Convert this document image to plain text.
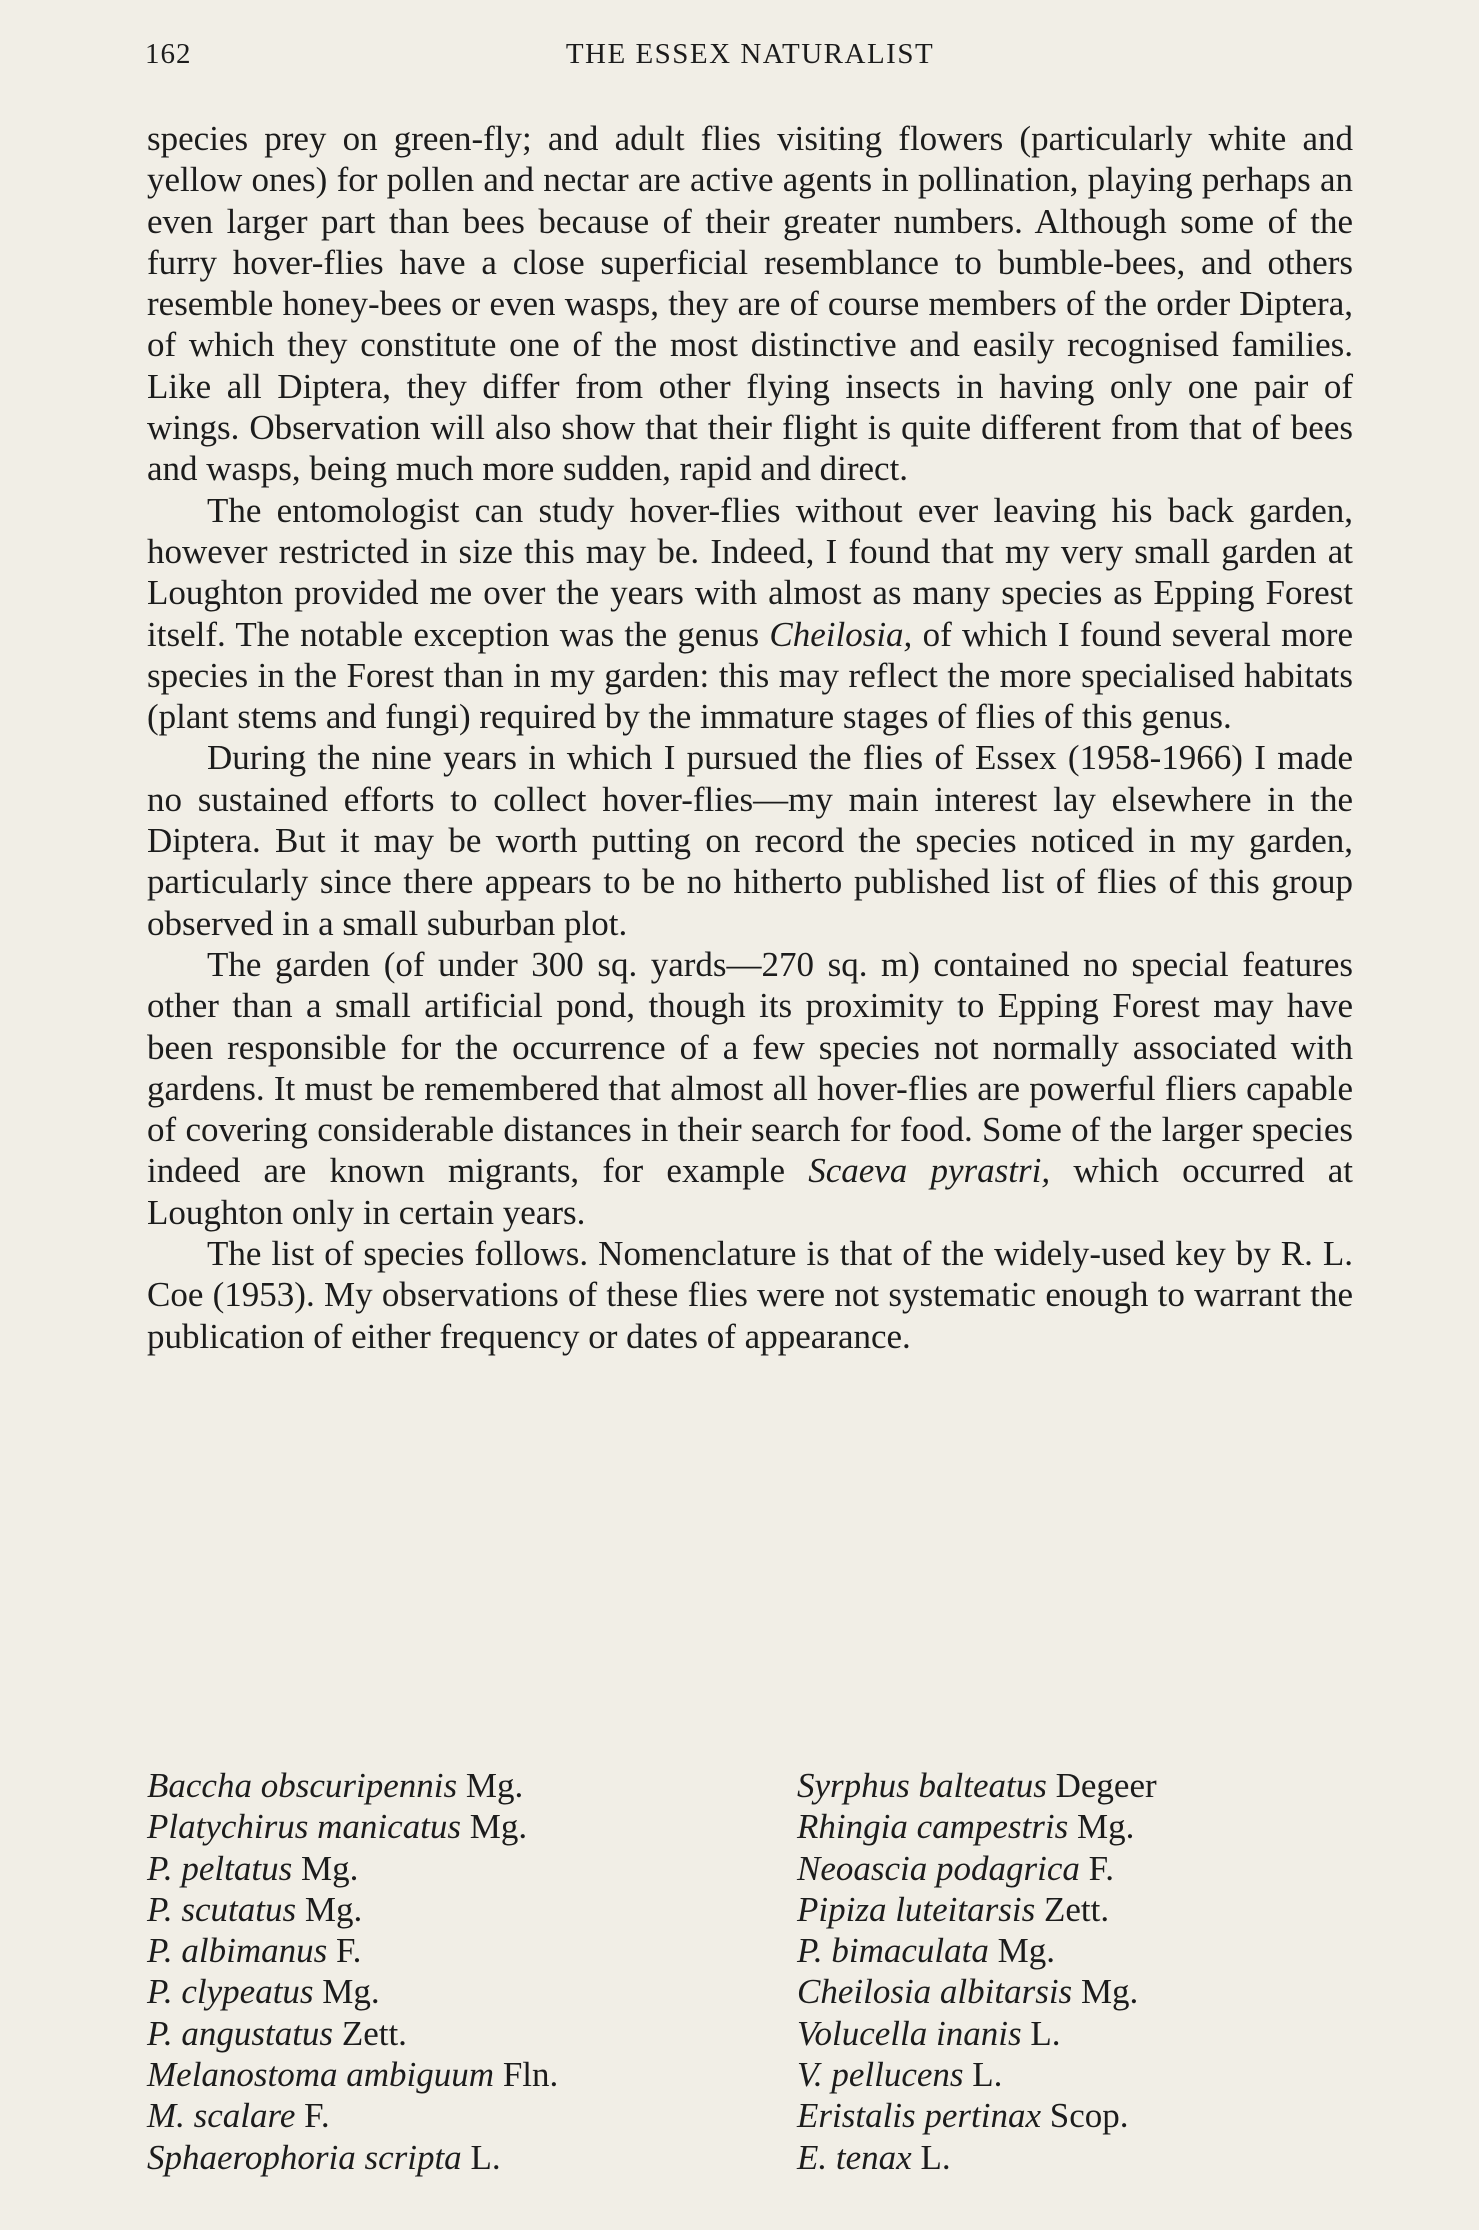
162	THE ESSEX NATURALIST

species prey on green-fly; and adult flies visiting flowers (particularly white and yellow ones) for pollen and nectar are active agents in pollination, playing perhaps an even larger part than bees because of their greater numbers. Although some of the furry hover-flies have a close superficial resemblance to bumble-bees, and others resemble honey-bees or even wasps, they are of course members of the order Diptera, of which they constitute one of the most distinctive and easily recognised families. Like all Diptera, they differ from other flying insects in having only one pair of wings. Observation will also show that their flight is quite different from that of bees and wasps, being much more sudden, rapid and direct.

The entomologist can study hover-flies without ever leaving his back garden, however restricted in size this may be. Indeed, I found that my very small garden at Loughton provided me over the years with almost as many species as Epping Forest itself. The notable exception was the genus Cheilosia, of which I found several more species in the Forest than in my garden: this may reflect the more specialised habitats (plant stems and fungi) required by the immature stages of flies of this genus.

During the nine years in which I pursued the flies of Essex (1958-1966) I made no sustained efforts to collect hover-flies—my main interest lay elsewhere in the Diptera. But it may be worth putting on record the species noticed in my garden, particularly since there appears to be no hitherto published list of flies of this group observed in a small suburban plot.

The garden (of under 300 sq. yards—270 sq. m) contained no special features other than a small artificial pond, though its proximity to Epping Forest may have been responsible for the occurrence of a few species not normally associated with gardens. It must be remembered that almost all hover-flies are powerful fliers capable of covering considerable distances in their search for food. Some of the larger species indeed are known migrants, for example Scaeva pyrastri, which occurred at Loughton only in certain years.

The list of species follows. Nomenclature is that of the widely-used key by R. L. Coe (1953). My observations of these flies were not systematic enough to warrant the publication of either frequency or dates of appearance.

Baccha obscuripennis Mg.
Platychirus manicatus Mg.
P. peltatus Mg.
P. scutatus Mg.
P. albimanus F.
P. clypeatus Mg.
P. angustatus Zett.
Melanostoma ambiguum Fln.
M. scalare F.
Sphaerophoria scripta L.
Syrphus balteatus Degeer
Rhingia campestris Mg.
Neoascia podagrica F.
Pipiza luteitarsis Zett.
P. bimaculata Mg.
Cheilosia albitarsis Mg.
Volucella inanis L.
V. pellucens L.
Eristalis pertinax Scop.
E. tenax L.
